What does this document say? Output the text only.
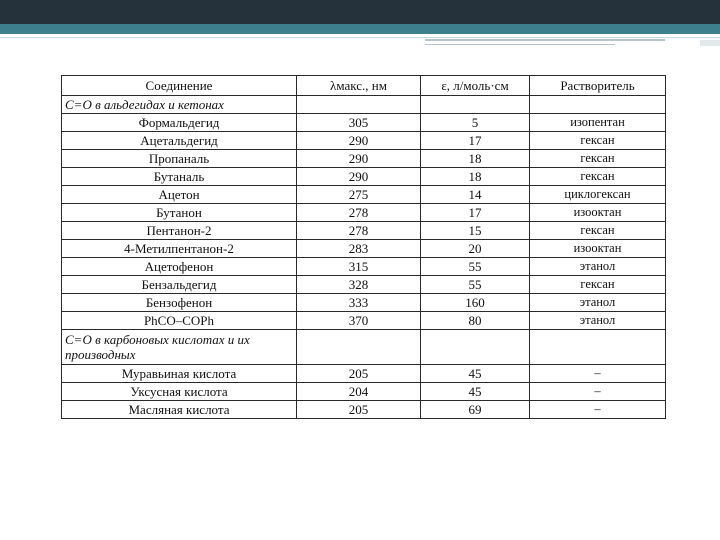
Соединение	λмакс., нм	ε, л/моль·см	Растворитель
C=O в альдегидах и кетонах			
Формальдегид	305	5	изопентан
Ацетальдегид	290	17	гексан
Пропаналь	290	18	гексан
Бутаналь	290	18	гексан
Ацетон	275	14	циклогексан
Бутанон	278	17	изооктан
Пентанон-2	278	15	гексан
4-Метилпентанон-2	283	20	изооктан
Ацетофенон	315	55	этанол
Бензальдегид	328	55	гексан
Бензофенон	333	160	этанол
PhCO–COPh	370	80	этанол
C=O в карбоновых кислотах и их производных			
Муравьиная кислота	205	45	–
Уксусная кислота	204	45	–
Масляная кислота	205	69	–
